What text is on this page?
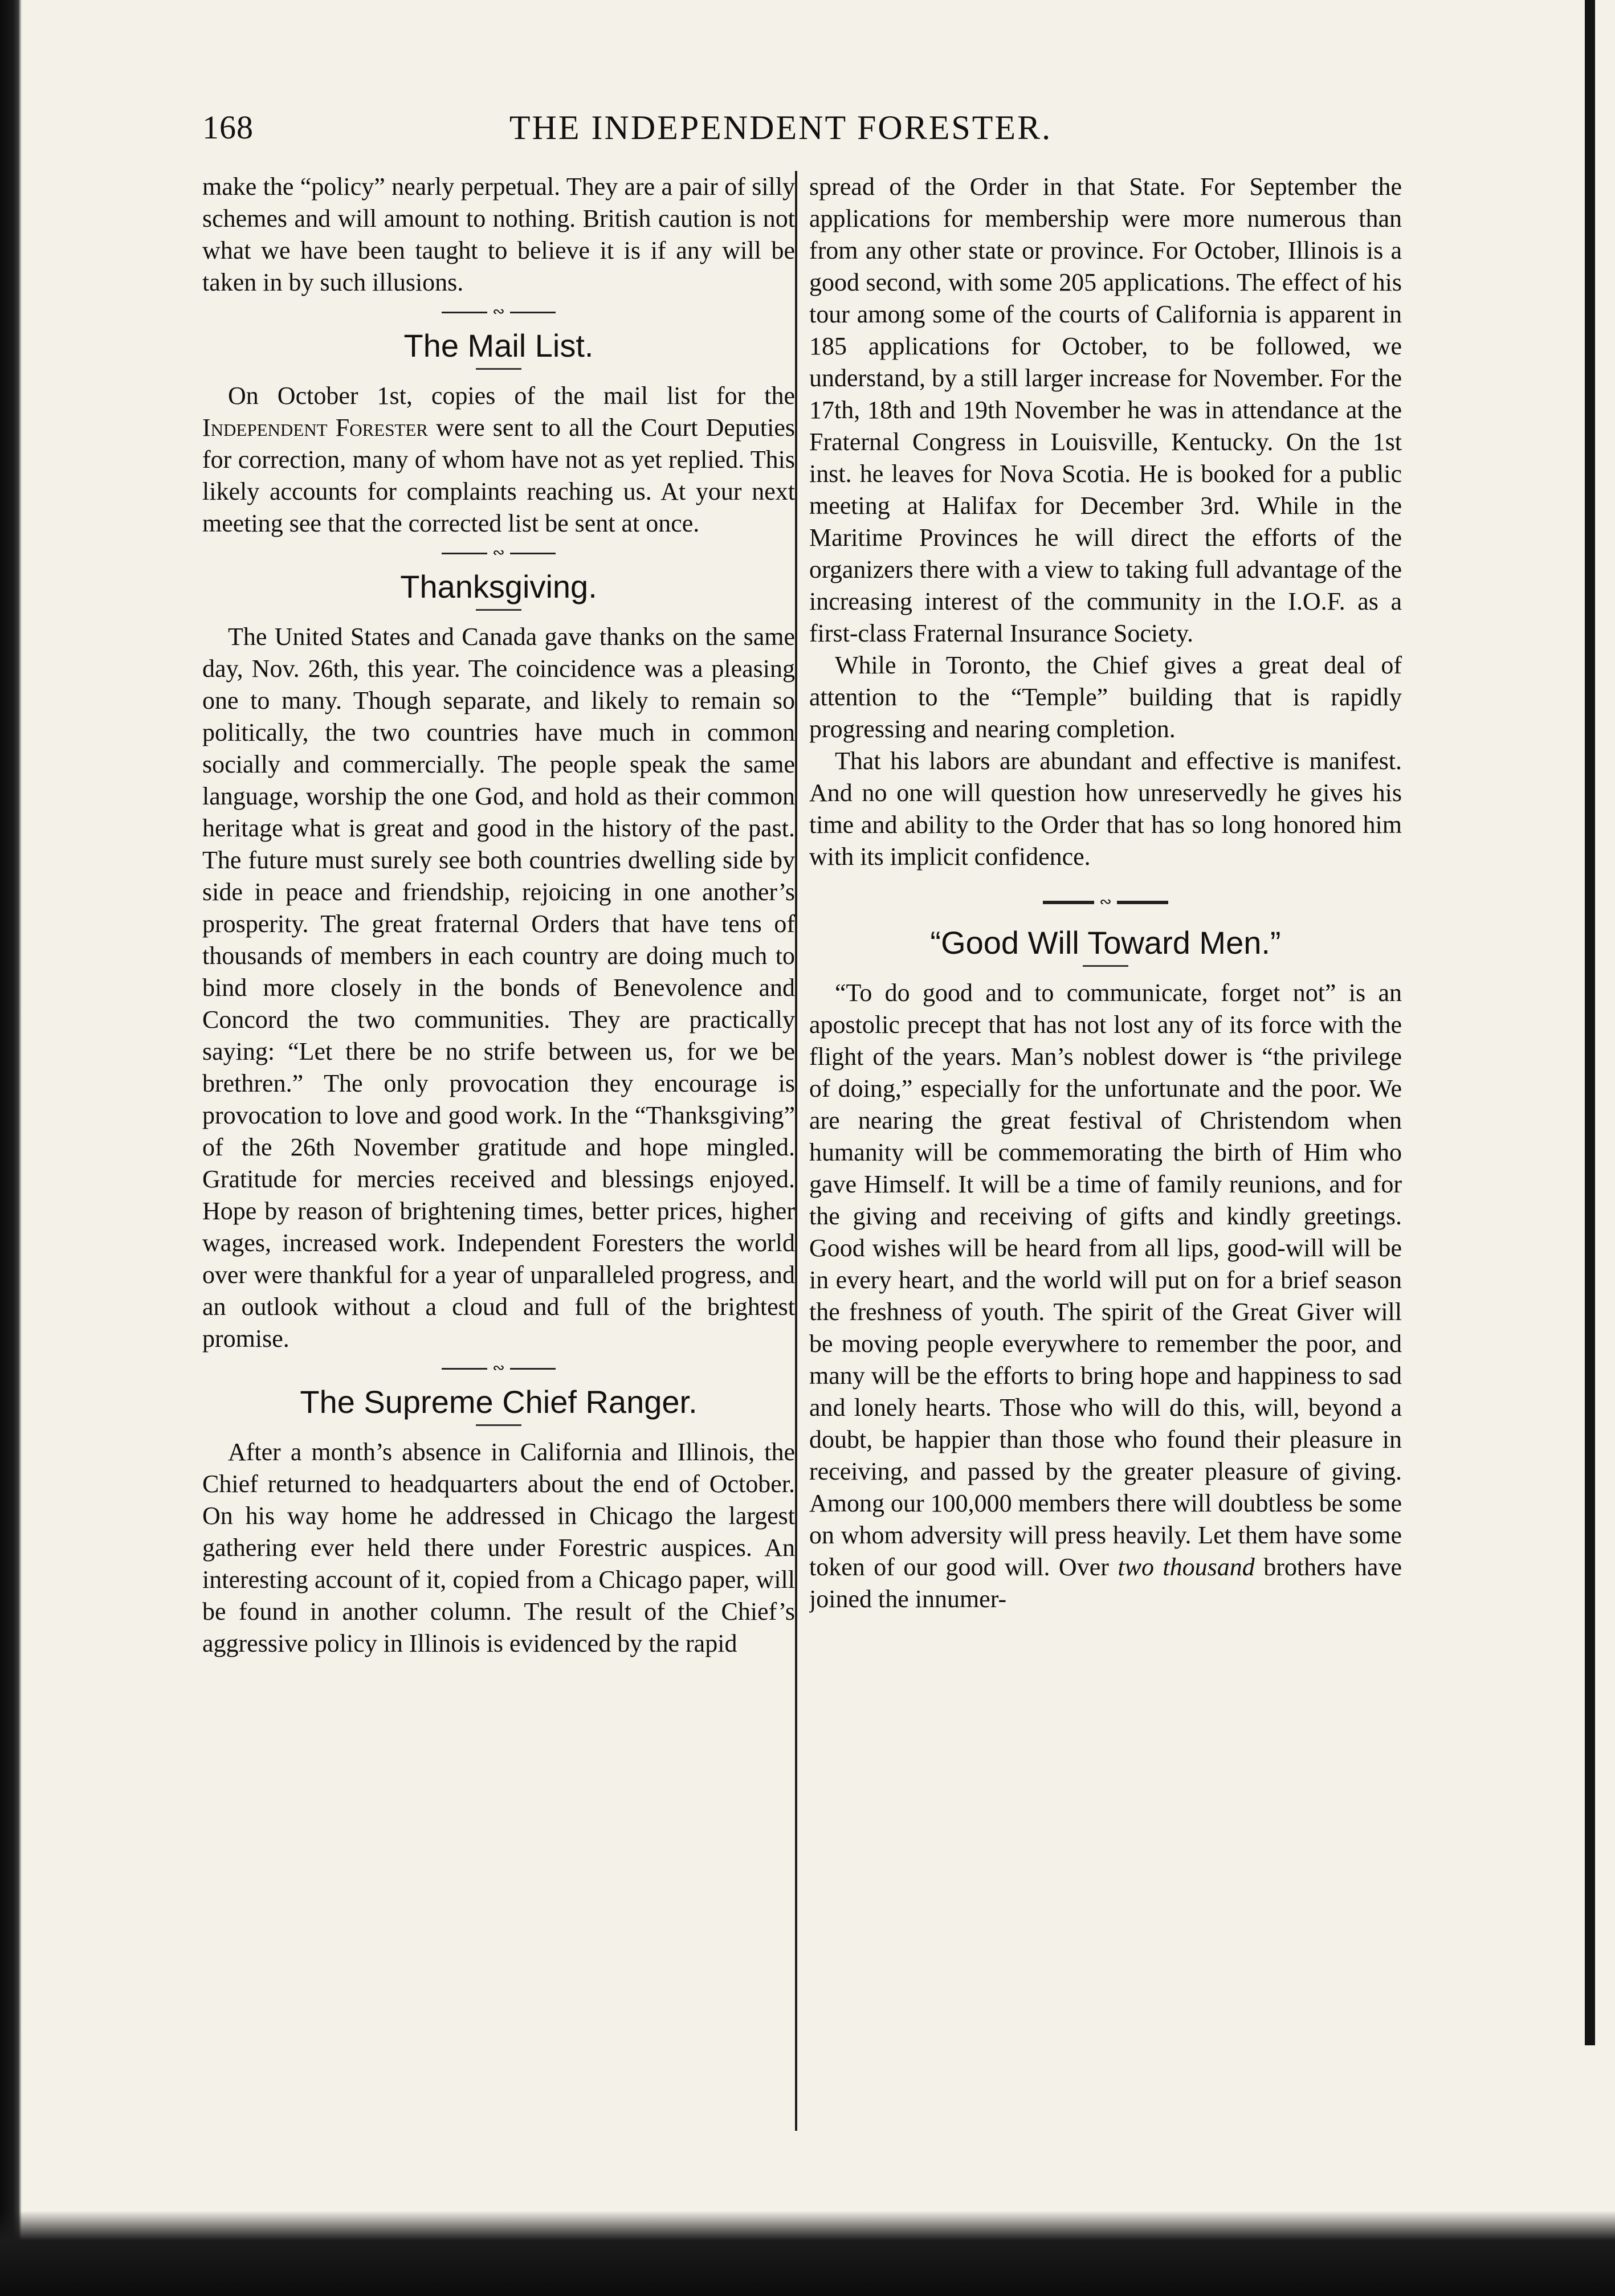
168	THE INDEPENDENT FORESTER.

make the “policy” nearly perpetual. They are a pair of silly schemes and will amount to nothing. British caution is not what we have been taught to believe it is if any will be taken in by such illusions.

∾
The Mail List.

On October 1st, copies of the mail list for the Independent Forester were sent to all the Court Deputies for correction, many of whom have not as yet replied. This likely accounts for complaints reaching us. At your next meeting see that the corrected list be sent at once.

∾
Thanksgiving.

The United States and Canada gave thanks on the same day, Nov. 26th, this year. The coincidence was a pleasing one to many. Though separate, and likely to remain so politically, the two countries have much in common socially and commercially. The people speak the same language, worship the one God, and hold as their common heritage what is great and good in the history of the past. The future must surely see both countries dwelling side by side in peace and friendship, rejoicing in one another’s prosperity. The great fraternal Orders that have tens of thousands of members in each country are doing much to bind more closely in the bonds of Benevolence and Concord the two communities. They are practically saying: “Let there be no strife between us, for we be brethren.” The only provocation they encourage is provocation to love and good work. In the “Thanksgiving” of the 26th November gratitude and hope mingled. Gratitude for mercies received and blessings enjoyed. Hope by reason of brightening times, better prices, higher wages, increased work. Independent Foresters the world over were thankful for a year of unparalleled progress, and an outlook without a cloud and full of the brightest promise.

∾
The Supreme Chief Ranger.

After a month’s absence in California and Illinois, the Chief returned to headquarters about the end of October. On his way home he addressed in Chicago the largest gathering ever held there under Forestric auspices. An interesting account of it, copied from a Chicago paper, will be found in another column. The result of the Chief’s aggressive policy in Illinois is evidenced by the rapid

spread of the Order in that State. For September the applications for membership were more numerous than from any other state or province. For October, Illinois is a good second, with some 205 applications. The effect of his tour among some of the courts of California is apparent in 185 applications for October, to be followed, we understand, by a still larger increase for November. For the 17th, 18th and 19th November he was in attendance at the Fraternal Congress in Louisville, Kentucky. On the 1st inst. he leaves for Nova Scotia. He is booked for a public meeting at Halifax for December 3rd. While in the Maritime Provinces he will direct the efforts of the organizers there with a view to taking full advantage of the increasing interest of the community in the I.O.F. as a first-class Fraternal Insurance Society.

While in Toronto, the Chief gives a great deal of attention to the “Temple” building that is rapidly progressing and nearing completion.

That his labors are abundant and effective is manifest. And no one will question how unreservedly he gives his time and ability to the Order that has so long honored him with its implicit confidence.

∾
“Good Will Toward Men.”

“To do good and to communicate, forget not” is an apostolic precept that has not lost any of its force with the flight of the years. Man’s noblest dower is “the privilege of doing,” especially for the unfortunate and the poor. We are nearing the great festival of Christendom when humanity will be commemorating the birth of Him who gave Himself. It will be a time of family reunions, and for the giving and receiving of gifts and kindly greetings. Good wishes will be heard from all lips, good-will will be in every heart, and the world will put on for a brief season the freshness of youth. The spirit of the Great Giver will be moving people everywhere to remember the poor, and many will be the efforts to bring hope and happiness to sad and lonely hearts. Those who will do this, will, beyond a doubt, be happier than those who found their pleasure in receiving, and passed by the greater pleasure of giving. Among our 100,000 members there will doubtless be some on whom adversity will press heavily. Let them have some token of our good will. Over two thousand brothers have joined the innumer-
